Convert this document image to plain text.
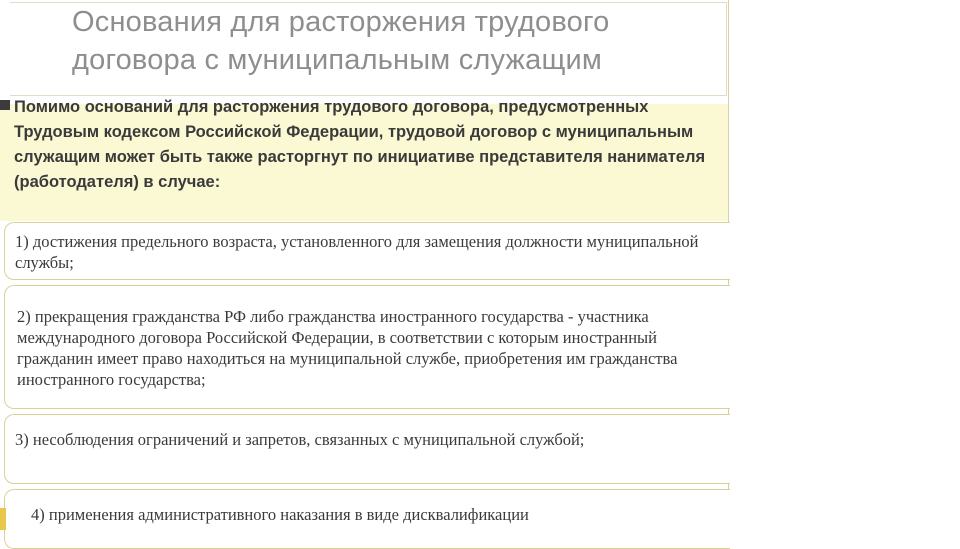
Основания для расторжения трудового договора с муниципальным служащим
Помимо оснований для расторжения трудового договора, предусмотренных Трудовым кодексом Российской Федерации, трудовой договор с муниципальным служащим может быть также расторгнут по инициативе представителя нанимателя (работодателя) в случае:
1) достижения предельного возраста, установленного для замещения должности муниципальной службы;
2) прекращения гражданства РФ либо гражданства иностранного государства - участника международного договора Российской Федерации, в соответствии с которым иностранный гражданин имеет право находиться на муниципальной службе, приобретения им гражданства иностранного государства;
3) несоблюдения ограничений и запретов, связанных с муниципальной службой;
4) применения административного наказания в виде дисквалификации
